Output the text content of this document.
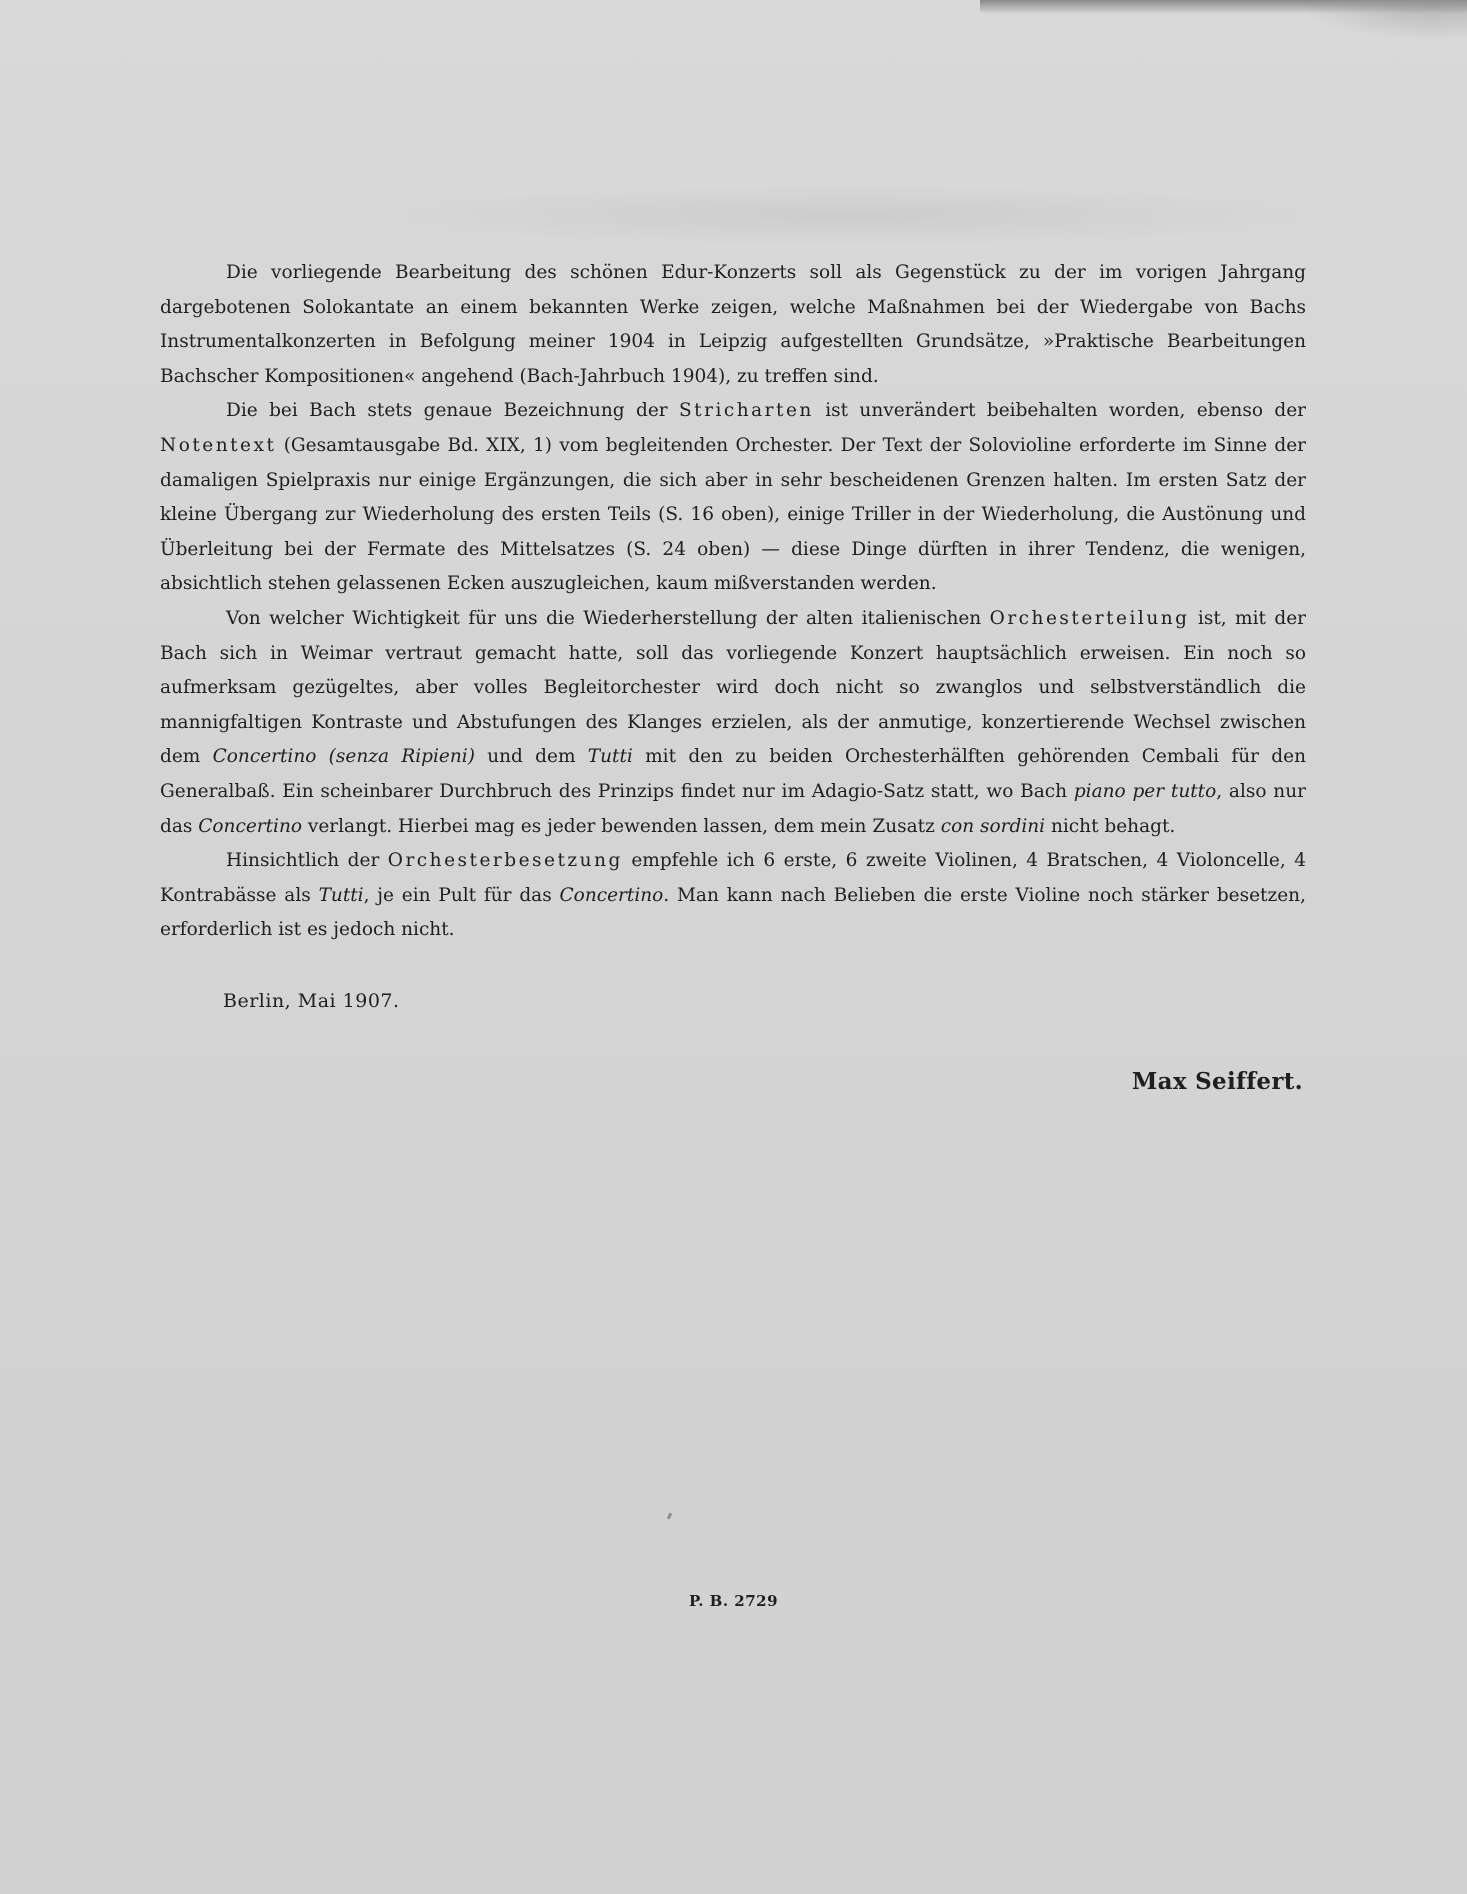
Die vorliegende Bearbeitung des schönen Edur-Konzerts soll als Gegenstück zu der im vorigen Jahrgang dargebotenen Solokantate an einem bekannten Werke zeigen, welche Maßnahmen bei der Wiedergabe von Bachs Instrumentalkonzerten in Befolgung meiner 1904 in Leipzig aufgestellten Grundsätze, »Praktische Bearbeitungen Bachscher Kompositionen« angehend (Bach-Jahrbuch 1904), zu treffen sind.

Die bei Bach stets genaue Bezeichnung der Stricharten ist unverändert beibehalten worden, ebenso der Notentext (Gesamtausgabe Bd. XIX, 1) vom begleitenden Orchester. Der Text der Solovioline erforderte im Sinne der damaligen Spielpraxis nur einige Ergänzungen, die sich aber in sehr bescheidenen Grenzen halten. Im ersten Satz der kleine Übergang zur Wiederholung des ersten Teils (S. 16 oben), einige Triller in der Wiederholung, die Austönung und Überleitung bei der Fermate des Mittelsatzes (S. 24 oben) — diese Dinge dürften in ihrer Tendenz, die wenigen, absichtlich stehen gelassenen Ecken auszugleichen, kaum mißverstanden werden.

Von welcher Wichtigkeit für uns die Wiederherstellung der alten italienischen Orchesterteilung ist, mit der Bach sich in Weimar vertraut gemacht hatte, soll das vorliegende Konzert hauptsächlich erweisen. Ein noch so aufmerksam gezügeltes, aber volles Begleitorchester wird doch nicht so zwanglos und selbstverständlich die mannigfaltigen Kontraste und Abstufungen des Klanges erzielen, als der anmutige, konzertierende Wechsel zwischen dem Concertino (senza Ripieni) und dem Tutti mit den zu beiden Orchesterhälften gehörenden Cembali für den Generalbaß. Ein scheinbarer Durchbruch des Prinzips findet nur im Adagio-Satz statt, wo Bach piano per tutto, also nur das Concertino verlangt. Hierbei mag es jeder bewenden lassen, dem mein Zusatz con sordini nicht behagt.

Hinsichtlich der Orchesterbesetzung empfehle ich 6 erste, 6 zweite Violinen, 4 Bratschen, 4 Violoncelle, 4 Kontrabässe als Tutti, je ein Pult für das Concertino. Man kann nach Belieben die erste Violine noch stärker besetzen, erforderlich ist es jedoch nicht.

Berlin, Mai 1907.
Max Seiffert.
P. B. 2729
